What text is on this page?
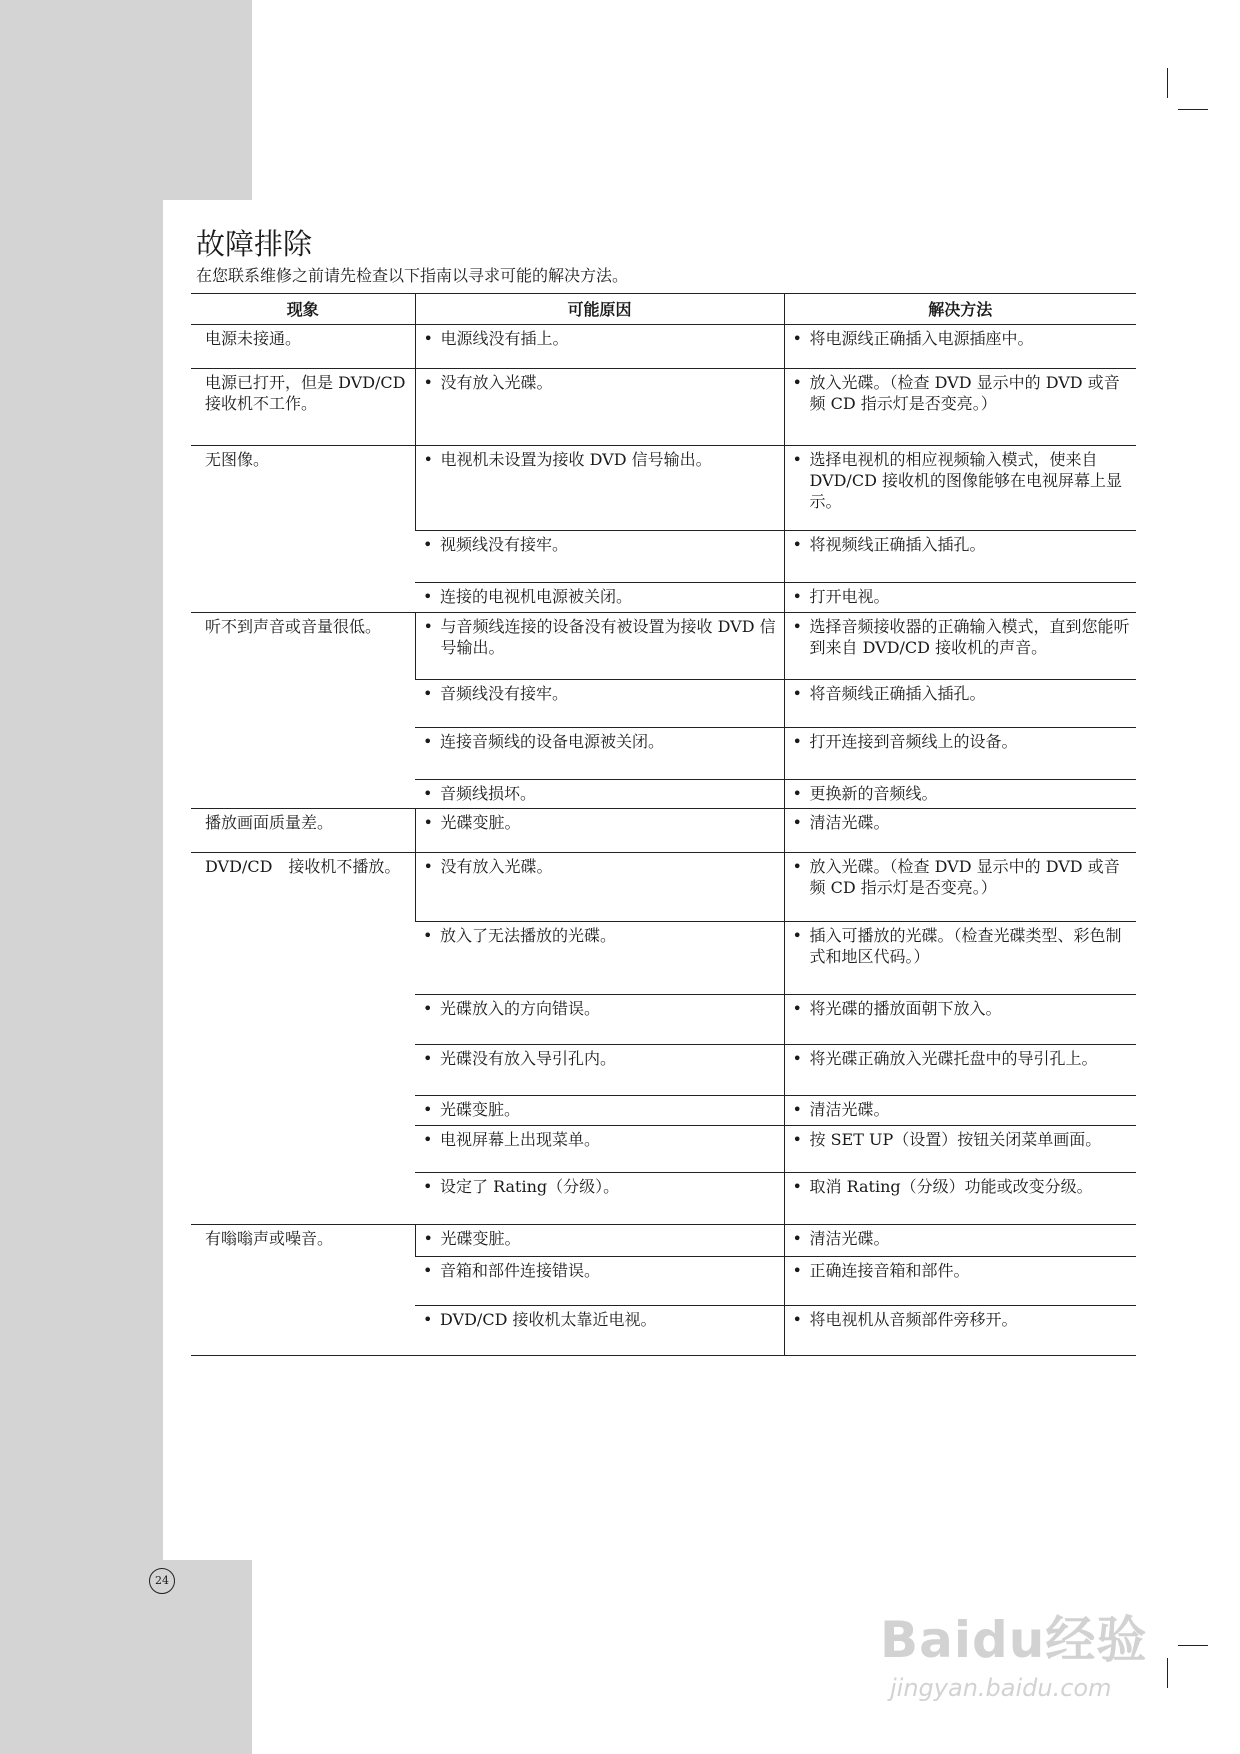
故障排除
在您联系维修之前请先检查以下指南以寻求可能的解决方法。
现象	可能原因	解决方法
电源未接通。	• 电源线没有插上。	• 将电源线正确插入电源插座中。

电源已打开，但是 DVD/CD 接收机不工作。	• 没有放入光碟。	• 放入光碟。（检查 DVD 显示中的 DVD 或音频 CD 指示灯是否变亮。）

无图像。	• 电视机未设置为接收 DVD 信号输出。	• 选择电视机的相应视频输入模式，使来自 DVD/CD 接收机的图像能够在电视屏幕上显示。

	• 视频线没有接牢。	• 将视频线正确插入插孔。

	• 连接的电视机电源被关闭。	• 打开电视。

听不到声音或音量很低。	• 与音频线连接的设备没有被设置为接收 DVD 信号输出。	• 选择音频接收器的正确输入模式，直到您能听到来自 DVD/CD 接收机的声音。

	• 音频线没有接牢。	• 将音频线正确插入插孔。

	• 连接音频线的设备电源被关闭。	• 打开连接到音频线上的设备。

	• 音频线损坏。	• 更换新的音频线。

播放画面质量差。	• 光碟变脏。	• 清洁光碟。

DVD/CD　接收机不播放。	• 没有放入光碟。	• 放入光碟。（检查 DVD 显示中的 DVD 或音频 CD 指示灯是否变亮。）

	• 放入了无法播放的光碟。	• 插入可播放的光碟。（检查光碟类型、彩色制式和地区代码。）

	• 光碟放入的方向错误。	• 将光碟的播放面朝下放入。

	• 光碟没有放入导引孔内。	• 将光碟正确放入光碟托盘中的导引孔上。

	• 光碟变脏。	• 清洁光碟。

	• 电视屏幕上出现菜单。	• 按 SET UP（设置）按钮关闭菜单画面。

	• 设定了 Rating（分级）。	• 取消 Rating（分级）功能或改变分级。

有嗡嗡声或噪音。	• 光碟变脏。	• 清洁光碟。

	• 音箱和部件连接错误。	• 正确连接音箱和部件。

	• DVD/CD 接收机太靠近电视。	• 将电视机从音频部件旁移开。
24
Baidu经验
jingyan.baidu.com
